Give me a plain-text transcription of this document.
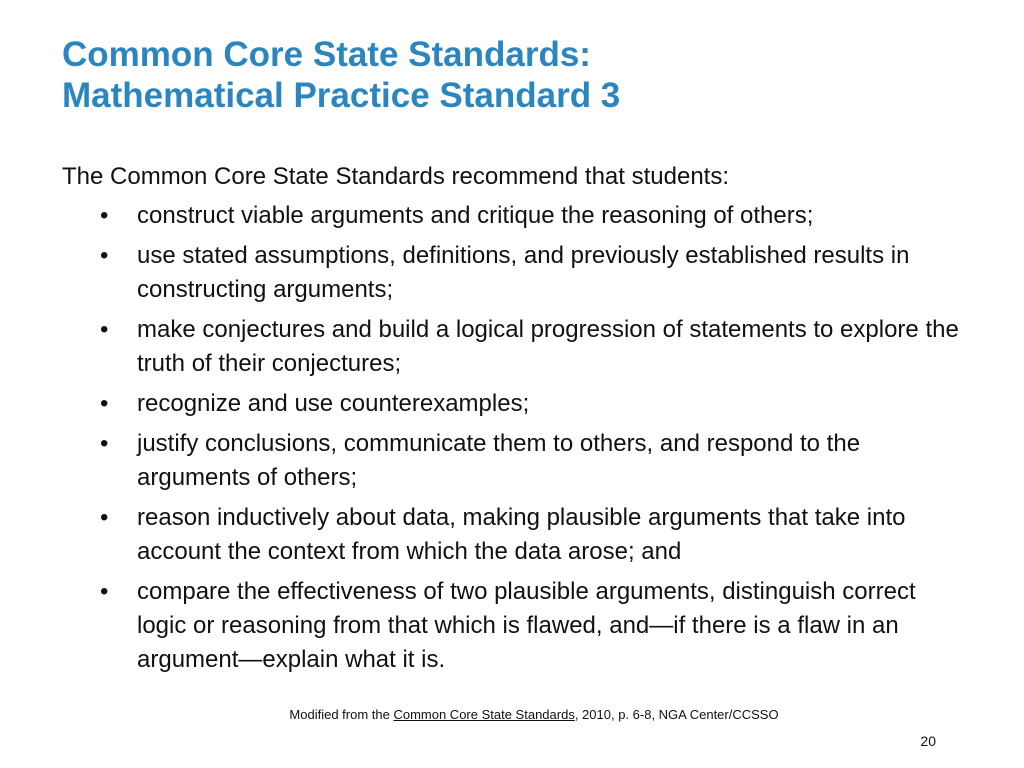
Common Core State Standards:
Mathematical Practice Standard 3

The Common Core State Standards recommend that students:

• construct viable arguments and critique the reasoning of others;
• use stated assumptions, definitions, and previously established results in constructing arguments;
• make conjectures and build a logical progression of statements to explore the truth of their conjectures;
• recognize and use counterexamples;
• justify conclusions, communicate them to others, and respond to the arguments of others;
• reason inductively about data, making plausible arguments that take into account the context from which the data arose; and
• compare the effectiveness of two plausible arguments, distinguish correct logic or reasoning from that which is flawed, and—if there is a flaw in an argument—explain what it is.

Modified from the Common Core State Standards, 2010, p. 6-8, NGA Center/CCSSO

20
